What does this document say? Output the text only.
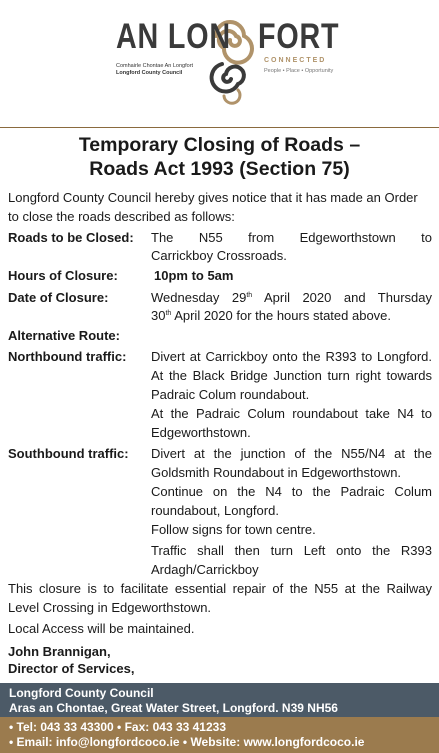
AN LON FORT
Comhairle Chontae An Longfort
Longford County Council
CONNECTED
People • Place • Opportunity
Temporary Closing of Roads –
Roads Act 1993 (Section 75)
Longford County Council hereby gives notice that it has made an Order to close the roads described as follows:
Roads to be Closed: The N55 from Edgeworthstown to
Carrickboy Crossroads.
Hours of Closure:	10pm to 5am
Date of Closure:	Wednesday 29th April 2020 and Thursday
30th April 2020 for the hours stated above.
Alternative Route:
Northbound traffic: Divert at Carrickboy onto the R393 to Longford. At the Black Bridge Junction turn right towards Padraic Colum roundabout.
At the Padraic Colum roundabout take N4 to Edgeworthstown.
Southbound traffic: Divert at the junction of the N55/N4 at the Goldsmith Roundabout in Edgeworthstown.
Continue on the N4 to the Padraic Colum roundabout, Longford.
Follow signs for town centre.
Traffic shall then turn Left onto the R393 Ardagh/Carrickboy
This closure is to facilitate essential repair of the N55 at the Railway Level Crossing in Edgeworthstown.
Local Access will be maintained.
John Brannigan,
Director of Services,
Longford County Council
Aras an Chontae, Great Water Street, Longford. N39 NH56
• Tel: 043 33 43300 • Fax: 043 33 41233
• Email: info@longfordcoco.ie • Website: www.longfordcoco.ie
